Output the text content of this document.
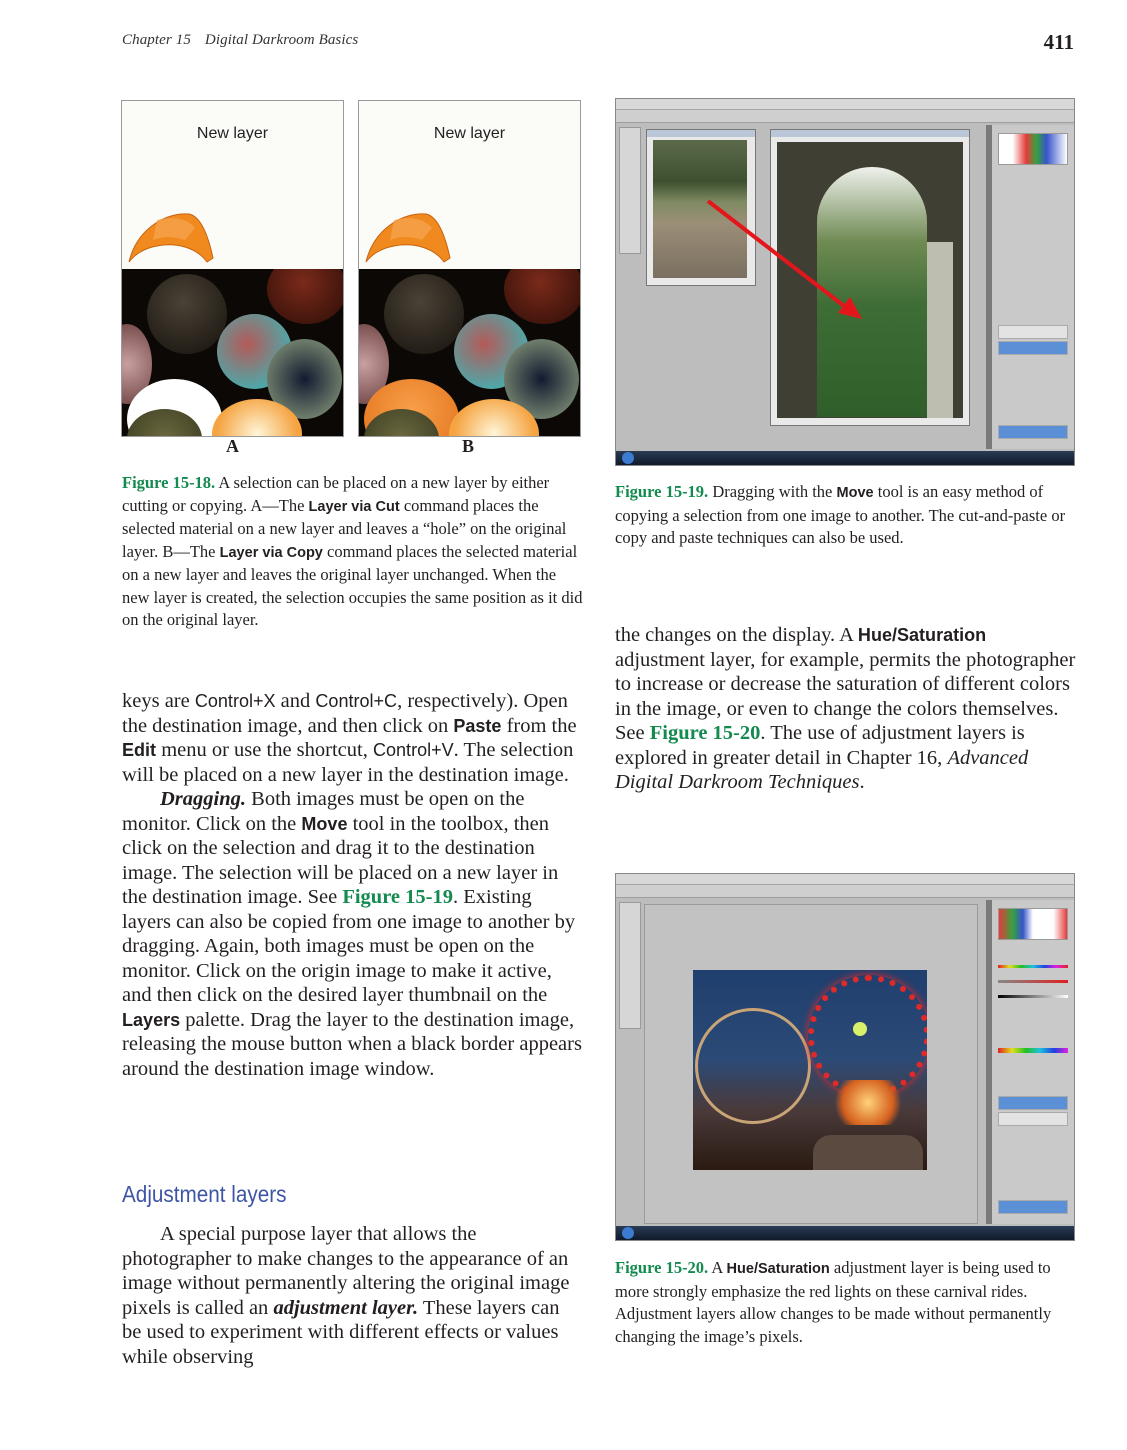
Chapter 15 Digital Darkroom Basics	411
New layer	New layer
A	B
Figure 15-18. A selection can be placed on a new layer by either cutting or copying. A—The Layer via Cut command places the selected material on a new layer and leaves a “hole” on the original layer. B—The Layer via Copy command places the selected material on a new layer and leaves the original layer unchanged. When the new layer is created, the selection occupies the same position as it did on the original layer.
Figure 15-19. Dragging with the Move tool is an easy method of copying a selection from one image to another. The cut-and-paste or copy and paste techniques can also be used.

keys are Control+X and Control+C, respectively). Open the destination image, and then click on Paste from the Edit menu or use the shortcut, Control+V. The selection will be placed on a new layer in the destination image.

Dragging. Both images must be open on the monitor. Click on the Move tool in the toolbox, then click on the selection and drag it to the destination image. The selection will be placed on a new layer in the destination image. See Figure 15-19. Existing layers can also be copied from one image to another by dragging. Again, both images must be open on the monitor. Click on the origin image to make it active, and then click on the desired layer thumbnail on the Layers palette. Drag the layer to the destination image, releasing the mouse button when a black border appears around the destination image window.

Adjustment layers

A special purpose layer that allows the photographer to make changes to the appearance of an image without permanently altering the original image pixels is called an adjustment layer. These layers can be used to experiment with different effects or values while observing

the changes on the display. A Hue/Saturation adjustment layer, for example, permits the photographer to increase or decrease the saturation of different colors in the image, or even to change the colors themselves. See Figure 15-20. The use of adjustment layers is explored in greater detail in Chapter 16, Advanced Digital Darkroom Techniques.

Figure 15-20. A Hue/Saturation adjustment layer is being used to more strongly emphasize the red lights on these carnival rides. Adjustment layers allow changes to be made without permanently changing the image’s pixels.
